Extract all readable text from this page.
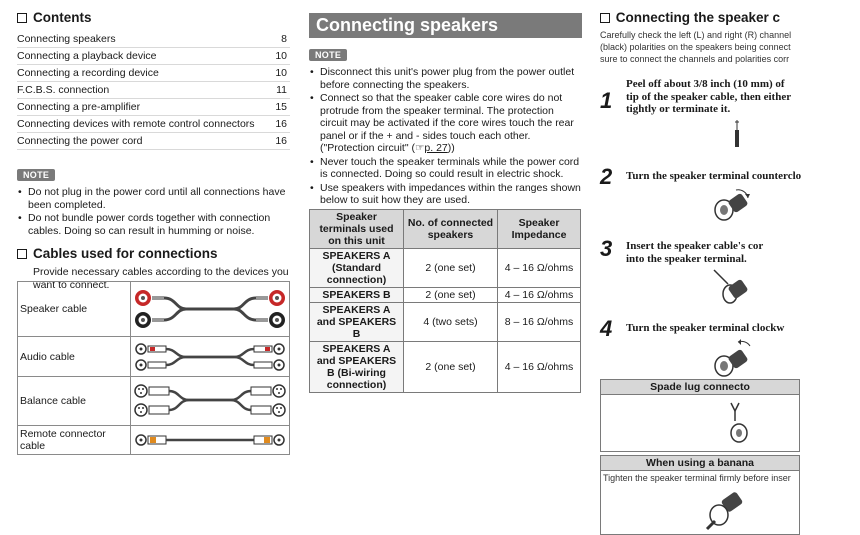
Contents
Connecting speakers	8
Connecting a playback device	10
Connecting a recording device	10
F.C.B.S. connection	11
Connecting a pre-amplifier	15
Connecting devices with remote control connectors 16
Connecting the power cord	16
NOTE
• Do not plug in the power cord until all connections have been completed.
• Do not bundle power cords together with connection cables. Doing so can result in humming or noise.
Cables used for connections
Provide necessary cables according to the devices you want to connect.
Speaker cable	

Audio cable	

Balance cable	

Remote connector cable	
Connecting speakers
NOTE
• Disconnect this unit's power plug from the power outlet before connecting the speakers.
• Connect so that the speaker cable core wires do not protrude from the speaker terminal. The protection circuit may be activated if the core wires touch the rear panel or if the + and - sides touch each other. ("Protection circuit" (☞p. 27))
• Never touch the speaker terminals while the power cord is connected. Doing so could result in electric shock.
• Use speakers with impedances within the ranges shown below to suit how they are used.
Speaker terminals used on this unit	No. of connected speakers	Speaker Impedance
SPEAKERS A (Standard connection)	2 (one set)	4 – 16 Ω/ohms
SPEAKERS B	2 (one set)	4 – 16 Ω/ohms
SPEAKERS A and SPEAKERS B	4 (two sets)	8 – 16 Ω/ohms
SPEAKERS A and SPEAKERS B (Bi-wiring connection)	2 (one set)	4 – 16 Ω/ohms
Connecting the speaker c
Carefully check the left (L) and right (R) channel
(black) polarities on the speakers being connect
sure to connect the channels and polarities corr
1
Peel off about 3/8 inch (10 mm) of
tip of the speaker cable, then either
tightly or terminate it.
2	Turn the speaker terminal counterclo
3	Insert the speaker cable's cor
into the speaker terminal.
4	Turn the speaker terminal clockw
Spade lug connecto
When using a banana
Tighten the speaker terminal firmly before inser
